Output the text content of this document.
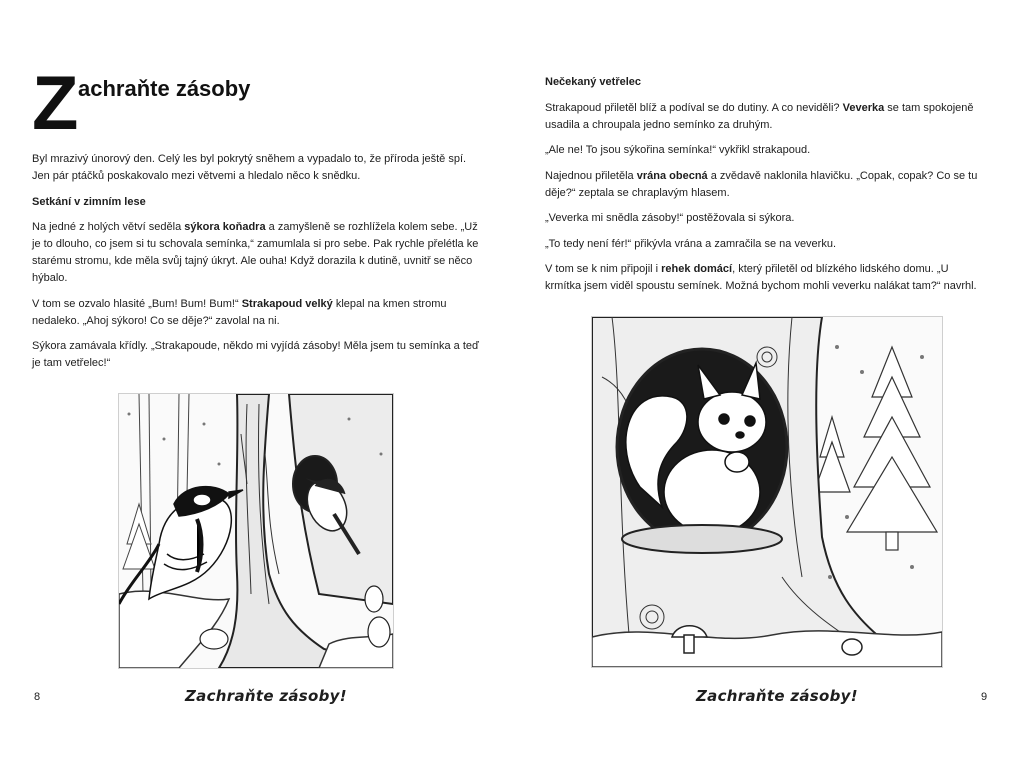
Z achraňte zásoby

Byl mrazivý únorový den. Celý les byl pokrytý sněhem a vypadalo to, že příroda ještě spí. Jen pár ptáčků poskakovalo mezi větvemi a hledalo něco k snědku.

Setkání v zimním lese

Na jedné z holých větví seděla sýkora koňadra a zamyšleně se rozhlížela kolem sebe. „Už je to dlouho, co jsem si tu schovala semínka,“ zamumlala si pro sebe. Pak rychle přelétla ke starému stromu, kde měla svůj tajný úkryt. Ale ouha! Když dorazila k dutině, uvnitř se něco hýbalo.

V tom se ozvalo hlasité „Bum! Bum! Bum!“ Strakapoud velký klepal na kmen stromu nedaleko. „Ahoj sýkoro! Co se děje?“ zavolal na ni.

Sýkora zamávala křídly. „Strakapoude, někdo mi vyjídá zásoby! Měla jsem tu semínka a teď je tam vetřelec!“

Zachraňte zásoby!
8

Nečekaný vetřelec

Strakapoud přiletěl blíž a podíval se do dutiny. A co neviděli? Veverka se tam spokojeně usadila a chroupala jedno semínko za druhým.

„Ale ne! To jsou sýkořina semínka!“ vykřikl strakapoud.

Najednou přiletěla vrána obecná a zvědavě naklonila hlavičku. „Copak, copak? Co se tu děje?“ zeptala se chraplavým hlasem.

„Veverka mi snědla zásoby!“ postěžovala si sýkora.

„To tedy není fér!“ přikývla vrána a zamračila se na veverku.

V tom se k nim připojil i rehek domácí, který přiletěl od blízkého lidského domu. „U krmítka jsem viděl spoustu semínek. Možná bychom mohli veverku nalákat tam?“ navrhl.

Zachraňte zásoby!	9
